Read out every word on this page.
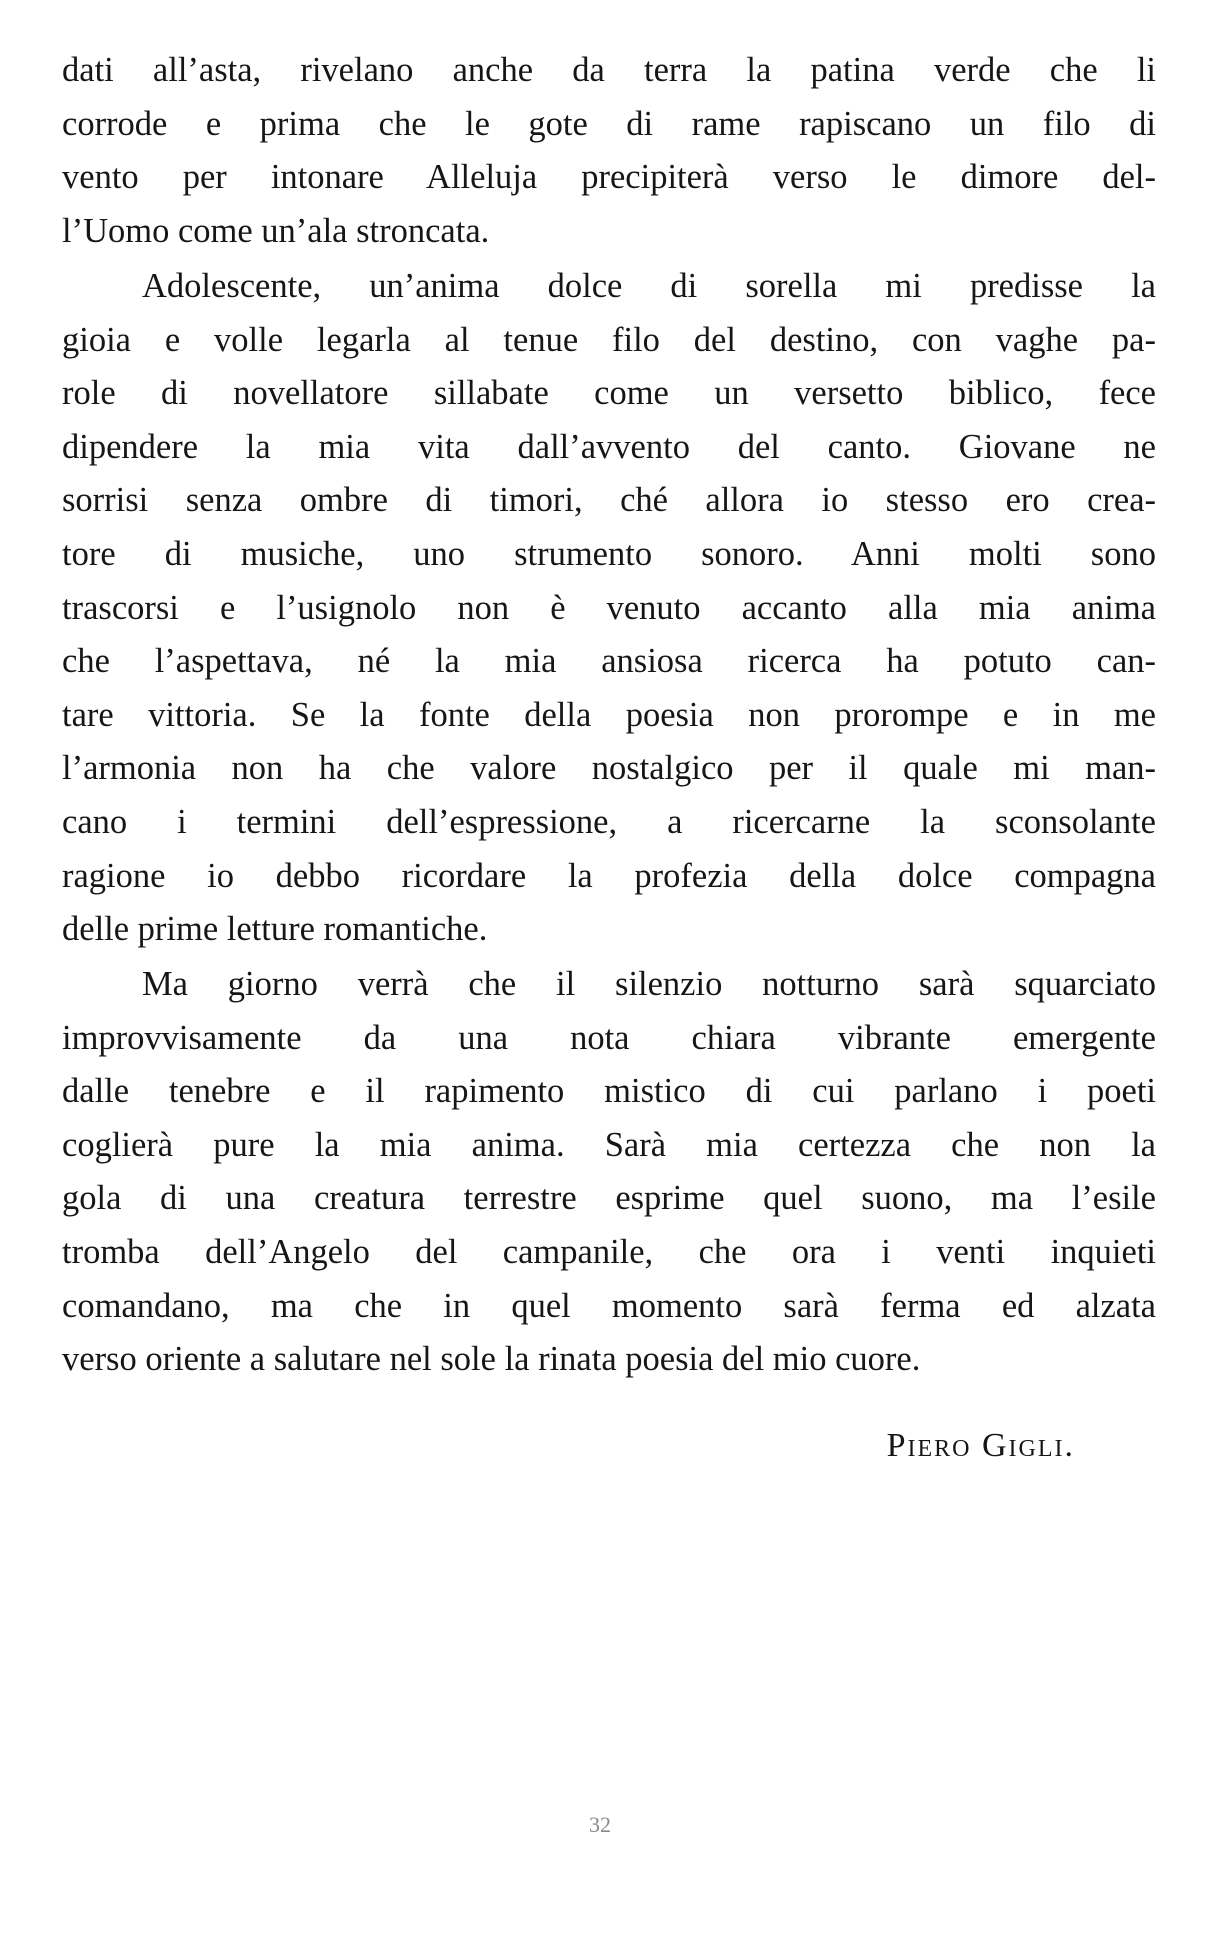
dati all’asta, rivelano anche da terra la patina verde che li
corrode e prima che le gote di rame rapiscano un filo di
vento per intonare Alleluja precipiterà verso le dimore del-
l’Uomo come un’ala stroncata.

Adolescente, un’anima dolce di sorella mi predisse la
gioia e volle legarla al tenue filo del destino, con vaghe pa-
role di novellatore sillabate come un versetto biblico, fece
dipendere la mia vita dall’avvento del canto. Giovane ne
sorrisi senza ombre di timori, ché allora io stesso ero crea-
tore di musiche, uno strumento sonoro. Anni molti sono
trascorsi e l’usignolo non è venuto accanto alla mia anima
che l’aspettava, né la mia ansiosa ricerca ha potuto can-
tare vittoria. Se la fonte della poesia non prorompe e in me
l’armonia non ha che valore nostalgico per il quale mi man-
cano i termini dell’espressione, a ricercarne la sconsolante
ragione io debbo ricordare la profezia della dolce compagna
delle prime letture romantiche.

Ma giorno verrà che il silenzio notturno sarà squarciato
improvvisamente da una nota chiara vibrante emergente
dalle tenebre e il rapimento mistico di cui parlano i poeti
coglierà pure la mia anima. Sarà mia certezza che non la
gola di una creatura terrestre esprime quel suono, ma l’esile
tromba dell’Angelo del campanile, che ora i venti inquieti
comandano, ma che in quel momento sarà ferma ed alzata
verso oriente a salutare nel sole la rinata poesia del mio cuore.

Piero Gigli.

32
